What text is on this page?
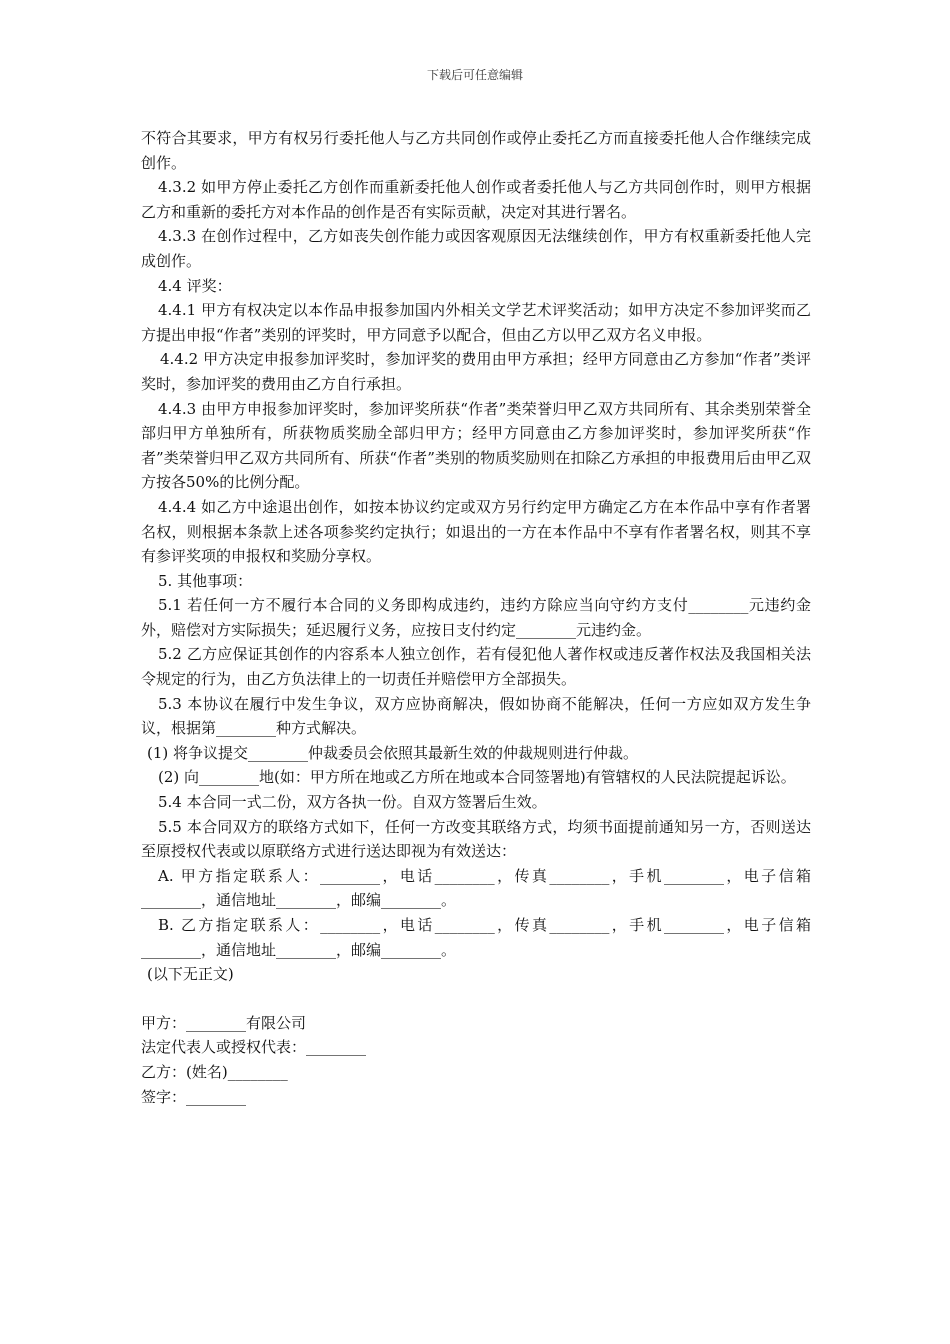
下载后可任意编辑

不符合其要求，甲方有权另行委托他人与乙方共同创作或停止委托乙方而直接委托他人合作继续完成创作。

4.3.2 如甲方停止委托乙方创作而重新委托他人创作或者委托他人与乙方共同创作时，则甲方根据乙方和重新的委托方对本作品的创作是否有实际贡献，决定对其进行署名。

4.3.3 在创作过程中，乙方如丧失创作能力或因客观原因无法继续创作，甲方有权重新委托他人完成创作。

4.4 评奖：

4.4.1 甲方有权决定以本作品申报参加国内外相关文学艺术评奖活动；如甲方决定不参加评奖而乙方提出申报“作者”类别的评奖时，甲方同意予以配合，但由乙方以甲乙双方名义申报。

4.4.2 甲方决定申报参加评奖时，参加评奖的费用由甲方承担；经甲方同意由乙方参加“作者”类评奖时，参加评奖的费用由乙方自行承担。

4.4.3 由甲方申报参加评奖时，参加评奖所获“作者”类荣誉归甲乙双方共同所有、其余类别荣誉全部归甲方单独所有，所获物质奖励全部归甲方；经甲方同意由乙方参加评奖时，参加评奖所获“作者”类荣誉归甲乙双方共同所有、所获“作者”类别的物质奖励则在扣除乙方承担的申报费用后由甲乙双方按各50%的比例分配。

4.4.4 如乙方中途退出创作，如按本协议约定或双方另行约定甲方确定乙方在本作品中享有作者署名权，则根据本条款上述各项参奖约定执行；如退出的一方在本作品中不享有作者署名权，则其不享有参评奖项的申报权和奖励分享权。

5. 其他事项：

5.1 若任何一方不履行本合同的义务即构成违约，违约方除应当向守约方支付________元违约金外，赔偿对方实际损失；延迟履行义务，应按日支付约定________元违约金。

5.2 乙方应保证其创作的内容系本人独立创作，若有侵犯他人著作权或违反著作权法及我国相关法令规定的行为，由乙方负法律上的一切责任并赔偿甲方全部损失。

5.3 本协议在履行中发生争议，双方应协商解决，假如协商不能解决，任何一方应如双方发生争议，根据第________种方式解决。

(1) 将争议提交________仲裁委员会依照其最新生效的仲裁规则进行仲裁。

(2) 向________地(如：甲方所在地或乙方所在地或本合同签署地)有管辖权的人民法院提起诉讼。

5.4 本合同一式二份，双方各执一份。自双方签署后生效。

5.5 本合同双方的联络方式如下，任何一方改变其联络方式，均须书面提前通知另一方，否则送达至原授权代表或以原联络方式进行送达即视为有效送达：

A. 甲方指定联系人：________，电话________，传真________，手机________，电子信箱________，通信地址________，邮编________。

B. 乙方指定联系人：________，电话________，传真________，手机________，电子信箱________，通信地址________，邮编________。

(以下无正文)

甲方：________有限公司

法定代表人或授权代表：________

乙方：(姓名)________

签字：________
